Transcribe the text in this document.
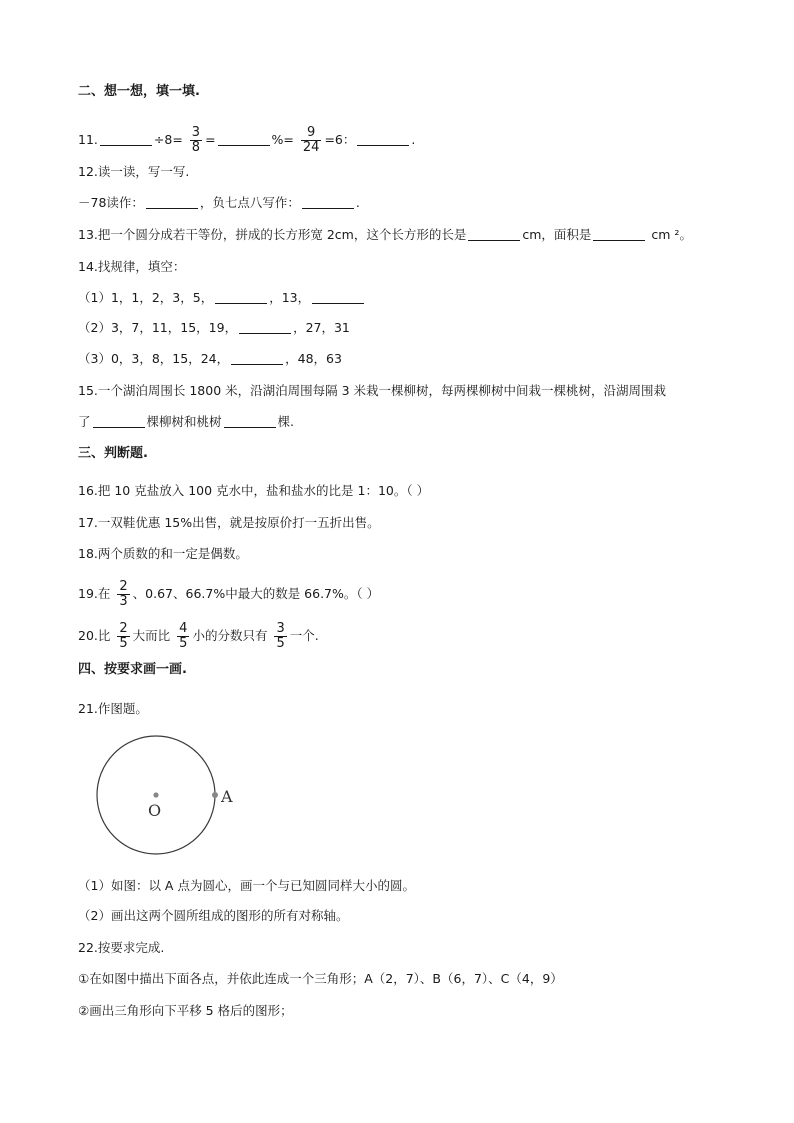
二、想一想，填一填.
11.	$\div 8= \frac{3}{8}$ =	%= $\frac{9}{24} =6$：	.
12.读一读，写一写.
－78读作：	，负七点八写作：	.
13.把一个圆分成若干等份，拼成的长方形宽 2cm，这个长方形的长是	cm，面积是	cm ²。
14.找规律，填空：
（1）1，1，2，3，5，	，13，
（2）3，7，11，15，19，	，27，31
（3）0，3，8，15，24，	，48，63
15.一个湖泊周围长 1800 米，沿湖泊周围每隔 3 米栽一棵柳树，每两棵柳树中间栽一棵桃树，沿湖周围栽
了	棵柳树和桃树	棵.
三、判断题.
16.把 10 克盐放入 100 克水中，盐和盐水的比是 1：10。（ ）
17.一双鞋优惠 15%出售，就是按原价打一五折出售。
18.两个质数的和一定是偶数。
19.在 $\frac{2}{3}$ 、0.67、66.7%中最大的数是 66.7%。（ ）
20.比 $\frac{2}{5}$ 大而比 $\frac{4}{5}$ 小的分数只有 $\frac{3}{5}$ 一个.
四、按要求画一画.
21.作图题。
O
A
（1）如图：以 A 点为圆心，画一个与已知圆同样大小的圆。
（2）画出这两个圆所组成的图形的所有对称轴。
22.按要求完成.
①在如图中描出下面各点，并依此连成一个三角形；A（2，7）、B（6，7）、C（4，9）
②画出三角形向下平移 5 格后的图形；
